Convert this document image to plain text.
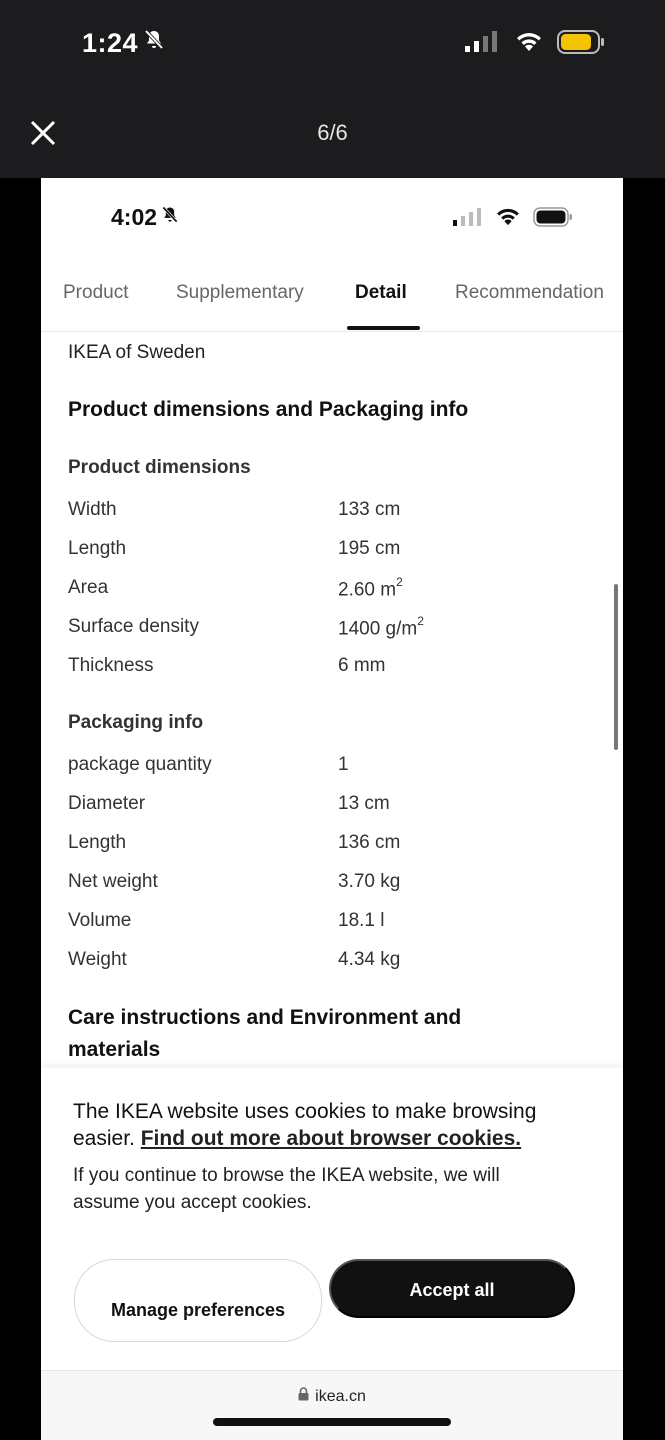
1:24
6/6
4:02
Product	Supplementary	Detail	Recommendation
IKEA of Sweden
Product dimensions and Packaging info
Product dimensions
Width	133 cm
Length	195 cm
Area	2.60 $m^2$
Surface density	1400 $g/m^2$
Thickness	6 mm
Packaging info
package quantity	1
Diameter	13 cm
Length	136 cm
Net weight	3.70 kg
Volume	18.1 l
Weight	4.34 kg
Care instructions and Environment and materials
The IKEA website uses cookies to make browsing easier. Find out more about browser cookies.
If you continue to browse the IKEA website, we will assume you accept cookies.
Manage preferences
Accept all
ikea.cn
